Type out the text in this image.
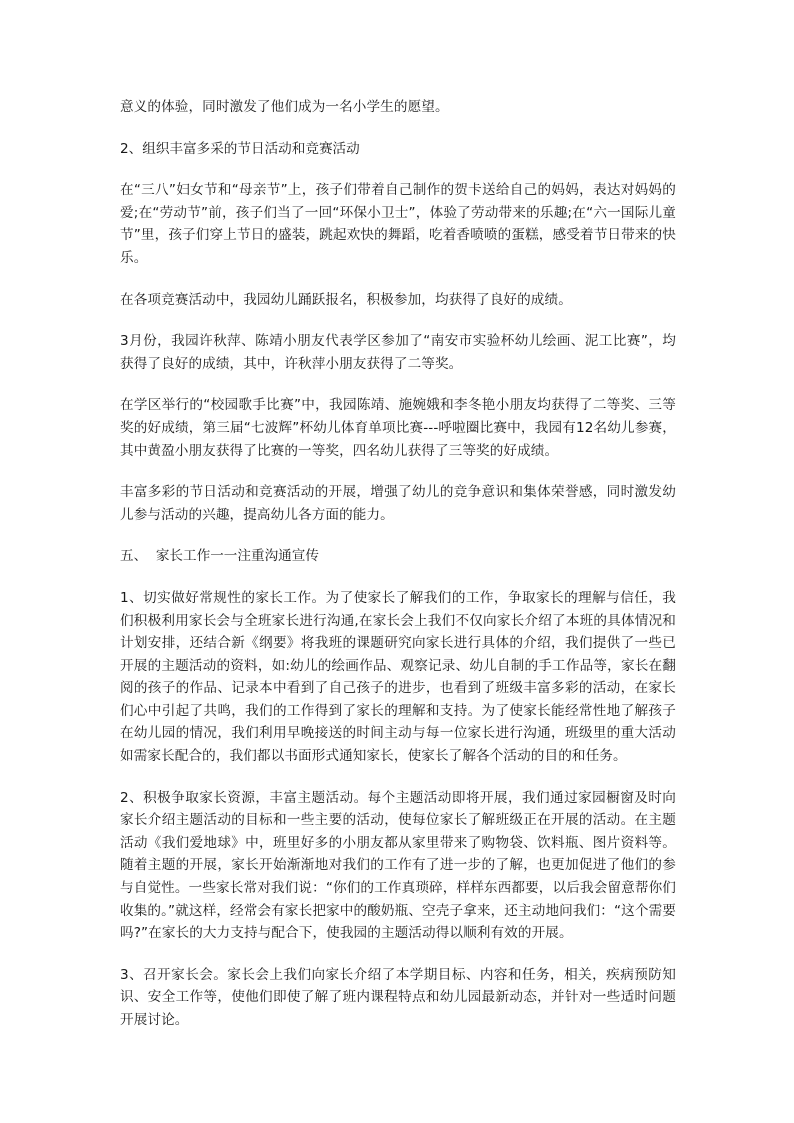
意义的体验，同时激发了他们成为一名小学生的愿望。

2、组织丰富多采的节日活动和竞赛活动

在“三八”妇女节和“母亲节”上，孩子们带着自己制作的贺卡送给自己的妈妈，表达对妈妈的爱;在“劳动节”前，孩子们当了一回“环保小卫士”，体验了劳动带来的乐趣;在“六一国际儿童节”里，孩子们穿上节日的盛装，跳起欢快的舞蹈，吃着香喷喷的蛋糕，感受着节日带来的快乐。

在各项竞赛活动中，我园幼儿踊跃报名，积极参加，均获得了良好的成绩。

3月份，我园许秋萍、陈靖小朋友代表学区参加了“南安市实验杯幼儿绘画、泥工比赛”，均获得了良好的成绩，其中，许秋萍小朋友获得了二等奖。

在学区举行的“校园歌手比赛”中，我园陈靖、施婉娥和李冬艳小朋友均获得了二等奖、三等奖的好成绩，第三届“七波辉”杯幼儿体育单项比赛---呼啦圈比赛中，我园有12名幼儿参赛，其中黄盈小朋友获得了比赛的一等奖，四名幼儿获得了三等奖的好成绩。

丰富多彩的节日活动和竞赛活动的开展，增强了幼儿的竞争意识和集体荣誉感，同时激发幼儿参与活动的兴趣，提高幼儿各方面的能力。

五、  家长工作一一注重沟通宣传

1、切实做好常规性的家长工作。为了使家长了解我们的工作，争取家长的理解与信任，我们积极利用家长会与全班家长进行沟通,在家长会上我们不仅向家长介绍了本班的具体情况和计划安排，还结合新《纲要》将我班的课题研究向家长进行具体的介绍，我们提供了一些已开展的主题活动的资料，如:幼儿的绘画作品、观察记录、幼儿自制的手工作品等，家长在翻阅的孩子的作品、记录本中看到了自己孩子的进步，也看到了班级丰富多彩的活动，在家长们心中引起了共鸣，我们的工作得到了家长的理解和支持。为了使家长能经常性地了解孩子在幼儿园的情况，我们利用早晚接送的时间主动与每一位家长进行沟通，班级里的重大活动如需家长配合的，我们都以书面形式通知家长，使家长了解各个活动的目的和任务。

2、积极争取家长资源，丰富主题活动。每个主题活动即将开展，我们通过家园橱窗及时向家长介绍主题活动的目标和一些主要的活动，使每位家长了解班级正在开展的活动。在主题活动《我们爱地球》中，班里好多的小朋友都从家里带来了购物袋、饮料瓶、图片资料等。随着主题的开展，家长开始渐渐地对我们的工作有了进一步的了解，也更加促进了他们的参与自觉性。一些家长常对我们说：“你们的工作真琐碎，样样东西都要，以后我会留意帮你们收集的。”就这样，经常会有家长把家中的酸奶瓶、空壳子拿来，还主动地问我们：“这个需要吗?”在家长的大力支持与配合下，使我园的主题活动得以顺利有效的开展。

3、召开家长会。家长会上我们向家长介绍了本学期目标、内容和任务，相关，疾病预防知识、安全工作等，使他们即使了解了班内课程特点和幼儿园最新动态，并针对一些适时问题开展讨论。
